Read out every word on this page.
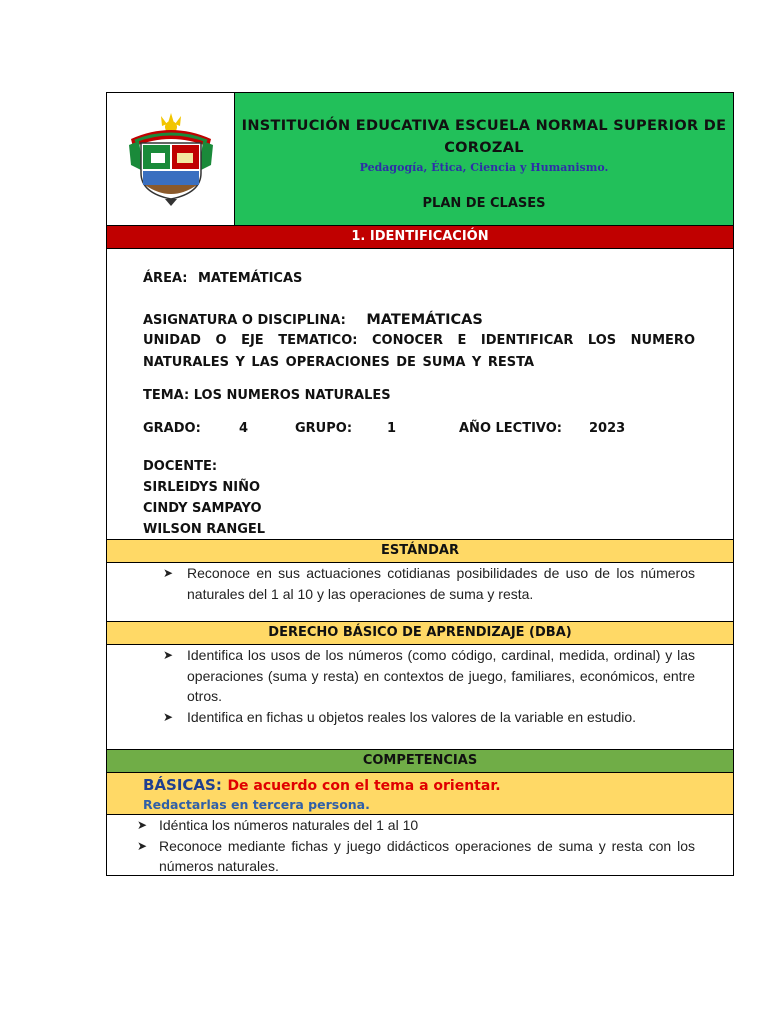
INSTITUCIÓN EDUCATIVA ESCUELA NORMAL SUPERIOR DE COROZAL
Pedagogía, Ética, Ciencia y Humanismo.
PLAN DE CLASES
1. IDENTIFICACIÓN
ÁREA: MATEMÁTICAS
ASIGNATURA O DISCIPLINA: MATEMÁTICAS
UNIDAD O EJE TEMATICO: CONOCER E IDENTIFICAR LOS NUMERO NATURALES Y LAS OPERACIONES DE SUMA Y RESTA
TEMA: LOS NUMEROS NATURALES
GRADO:	4	GRUPO:	1	AÑO LECTIVO: 2023
DOCENTE:
SIRLEIDYS NIÑO
CINDY SAMPAYO
WILSON RANGEL
ESTÁNDAR
➤ Reconoce en sus actuaciones cotidianas posibilidades de uso de los números naturales del 1 al 10 y las operaciones de suma y resta.
DERECHO BÁSICO DE APRENDIZAJE (DBA)
➤ Identifica los usos de los números (como código, cardinal, medida, ordinal) y las operaciones (suma y resta) en contextos de juego, familiares, económicos, entre otros.
➤ Identifica en fichas u objetos reales los valores de la variable en estudio.
COMPETENCIAS
BÁSICAS: De acuerdo con el tema a orientar.
Redactarlas en tercera persona.
➤ Idéntica los números naturales del 1 al 10
➤ Reconoce mediante fichas y juego didácticos operaciones de suma y resta con los números naturales.
